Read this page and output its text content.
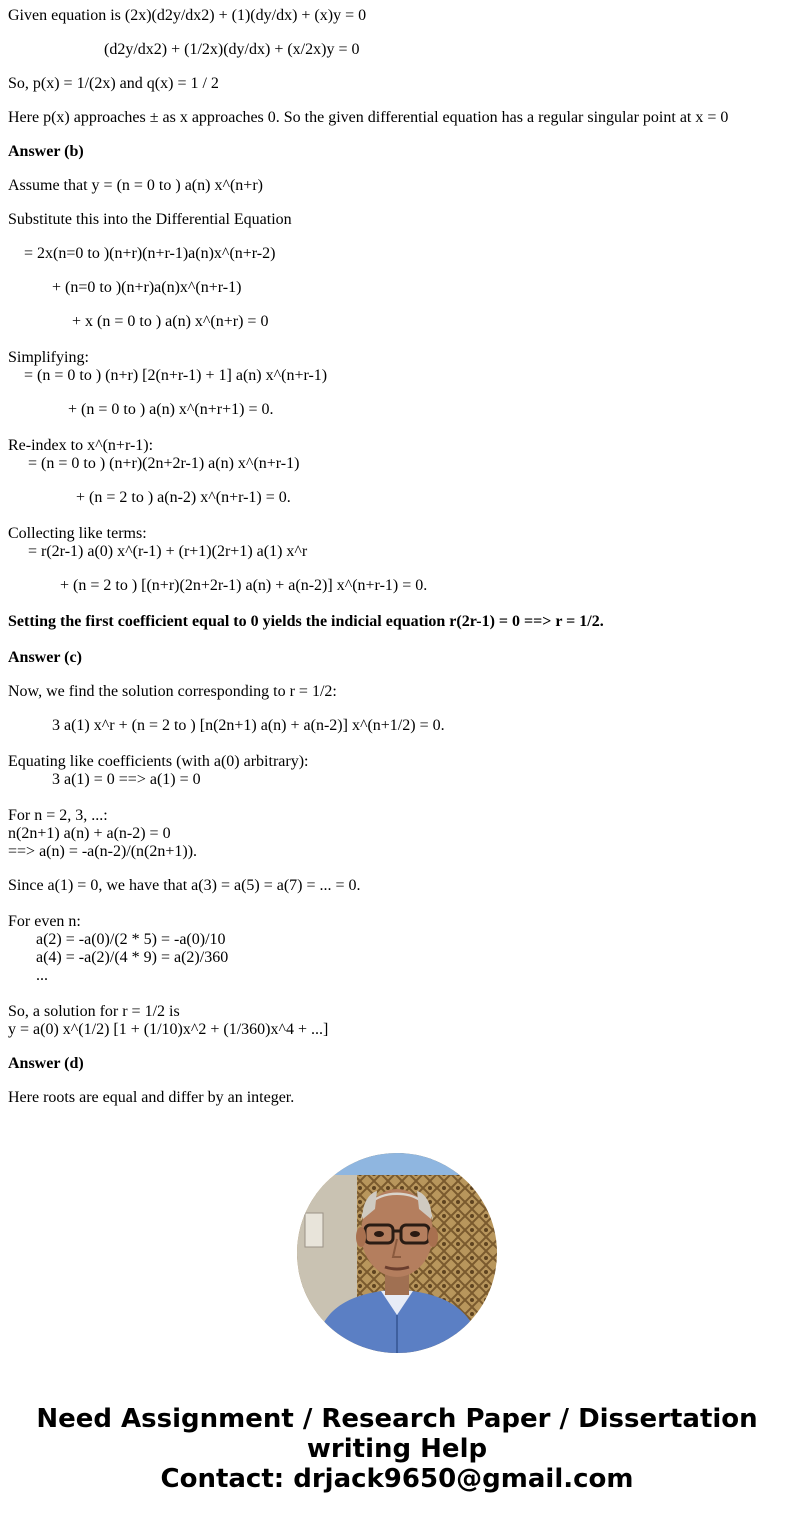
Given equation is (2x)(d2y/dx2) + (1)(dy/dx) + (x)y = 0

(d2y/dx2) + (1/2x)(dy/dx) + (x/2x)y = 0

So, p(x) = 1/(2x) and q(x) = 1 / 2

Here p(x) approaches ± as x approaches 0. So the given differential equation has a regular singular point at x = 0

Answer (b)

Assume that y = (n = 0 to ) a(n) x^(n+r)

Substitute this into the Differential Equation

= 2x(n=0 to )(n+r)(n+r-1)a(n)x^(n+r-2)

+ (n=0 to )(n+r)a(n)x^(n+r-1)

+ x (n = 0 to ) a(n) x^(n+r) = 0

Simplifying:

= (n = 0 to ) (n+r) [2(n+r-1) + 1] a(n) x^(n+r-1)

+ (n = 0 to ) a(n) x^(n+r+1) = 0.

Re-index to x^(n+r-1):

= (n = 0 to ) (n+r)(2n+2r-1) a(n) x^(n+r-1)

+ (n = 2 to ) a(n-2) x^(n+r-1) = 0.

Collecting like terms:

= r(2r-1) a(0) x^(r-1) + (r+1)(2r+1) a(1) x^r

+ (n = 2 to ) [(n+r)(2n+2r-1) a(n) + a(n-2)] x^(n+r-1) = 0.

Setting the first coefficient equal to 0 yields the indicial equation r(2r-1) = 0 ==> r = 1/2.

Answer (c)

Now, we find the solution corresponding to r = 1/2:

3 a(1) x^r + (n = 2 to ) [n(2n+1) a(n) + a(n-2)] x^(n+1/2) = 0.

Equating like coefficients (with a(0) arbitrary):

3 a(1) = 0 ==> a(1) = 0

For n = 2, 3, ...:

n(2n+1) a(n) + a(n-2) = 0

==> a(n) = -a(n-2)/(n(2n+1)).

Since a(1) = 0, we have that a(3) = a(5) = a(7) = ... = 0.

For even n:

a(2) = -a(0)/(2 * 5) = -a(0)/10

a(4) = -a(2)/(4 * 9) = a(2)/360

...

So, a solution for r = 1/2 is

y = a(0) x^(1/2) [1 + (1/10)x^2 + (1/360)x^4 + ...]

Answer (d)

Here roots are equal and differ by an integer.

Need Assignment / Research Paper / Dissertation
writing Help
Contact: drjack9650@gmail.com
